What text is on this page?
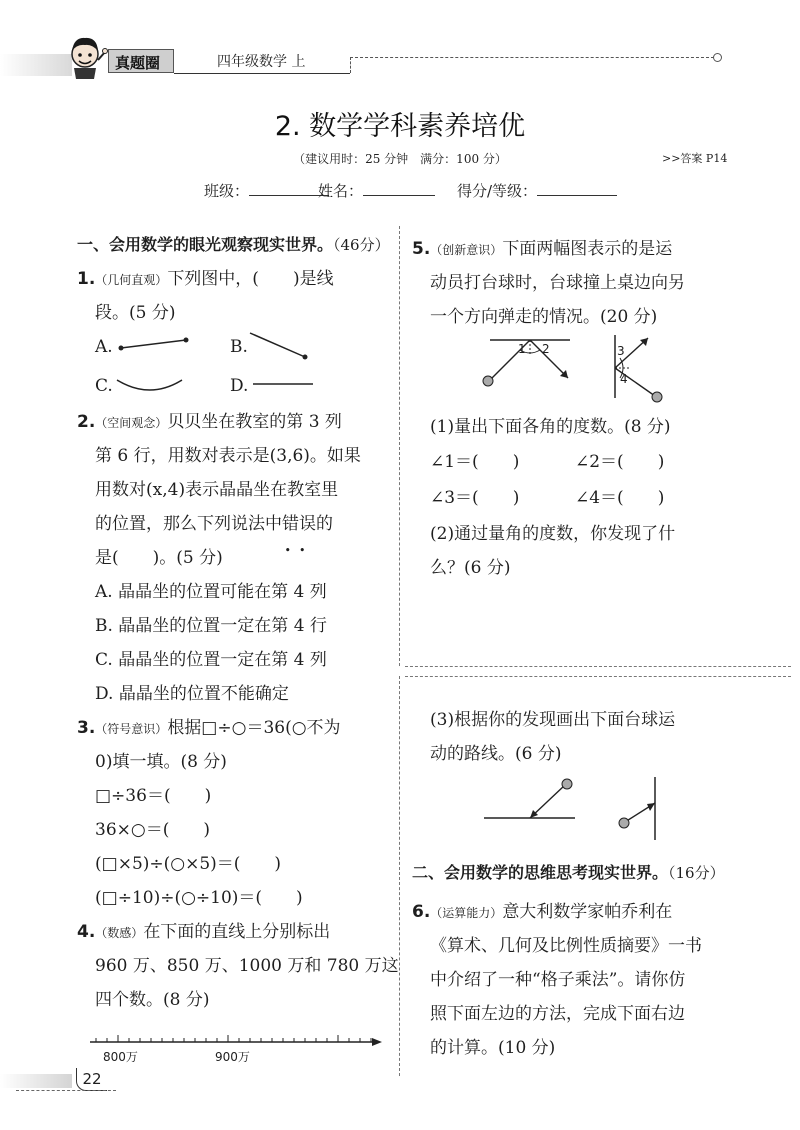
真题圈	四年级数学 上
2. 数学学科素养培优
（建议用时：25 分钟　满分：100 分）	>>答案 P14
班级：	姓名：	得分/等级：
一、会用数学的眼光观察现实世界。（46分）
1.（几何直观）下列图中，(　　)是线
段。(5 分)
A.	B.
C.	D.
2.（空间观念）贝贝坐在教室的第 3 列
第 6 行，用数对表示是(3,6)。如果
用数对(x,4)表示晶晶坐在教室里
的位置，那么下列说法中错误
••
的
是(　　)。(5 分)
A. 晶晶坐的位置可能在第 4 列
B. 晶晶坐的位置一定在第 4 行
C. 晶晶坐的位置一定在第 4 列
D. 晶晶坐的位置不能确定
3.（符号意识）根据□÷○＝36(○不为
0)填一填。(8 分)
□÷36＝(　　)
36×○＝(　　)
(□×5)÷(○×5)＝(　　)
(□÷10)÷(○÷10)＝(　　)
4.（数感）在下面的直线上分别标出
960 万、850 万、1000 万和 780 万这
四个数。(8 分)
800万	900万
5.（创新意识）下面两幅图表示的是运
动员打台球时，台球撞上桌边向另
一个方向弹走的情况。(20 分)
1 2	3
4
(1)量出下面各角的度数。(8 分)
∠1＝(　　)	∠2＝(　　)
∠3＝(　　)	∠4＝(　　)
(2)通过量角的度数，你发现了什
么？(6 分)
(3)根据你的发现画出下面台球运
动的路线。(6 分)
二、会用数学的思维思考现实世界。（16分）
6.（运算能力）意大利数学家帕乔利在
《算术、几何及比例性质摘要》一书
中介绍了一种“格子乘法”。请你仿
照下面左边的方法，完成下面右边
的计算。(10 分)
22
